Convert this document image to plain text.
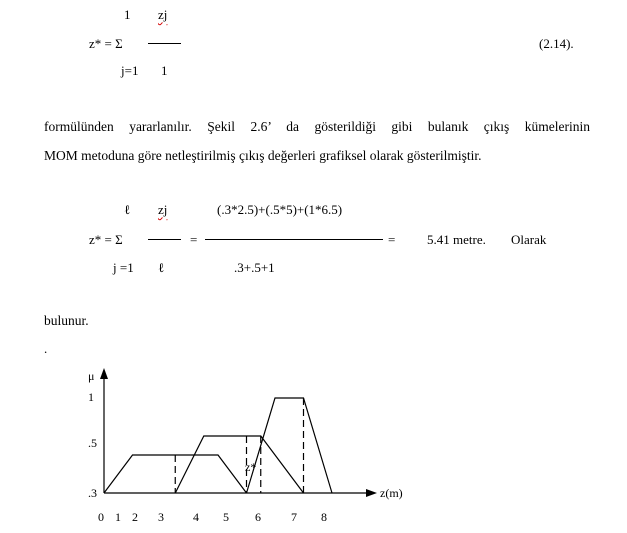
1 zj
z* = Σ
j=1 1
(2.14).
formülünden yararlanılır. Şekil 2.6’ da gösterildiği gibi bulanık çıkış kümelerinin
MOM metoduna göre netleştirilmiş çıkış değerleri grafiksel olarak gösterilmiştir.
ℓ zj	(.3*2.5)+(.5*5)+(1*6.5)
z* = Σ	=	= 5.41 metre. Olarak
j =1 ℓ	.3+.5+1
bulunur.
.
.3
.5
1
0 1 2 3 4 5 6	7 8
μ
z(m)
z*
